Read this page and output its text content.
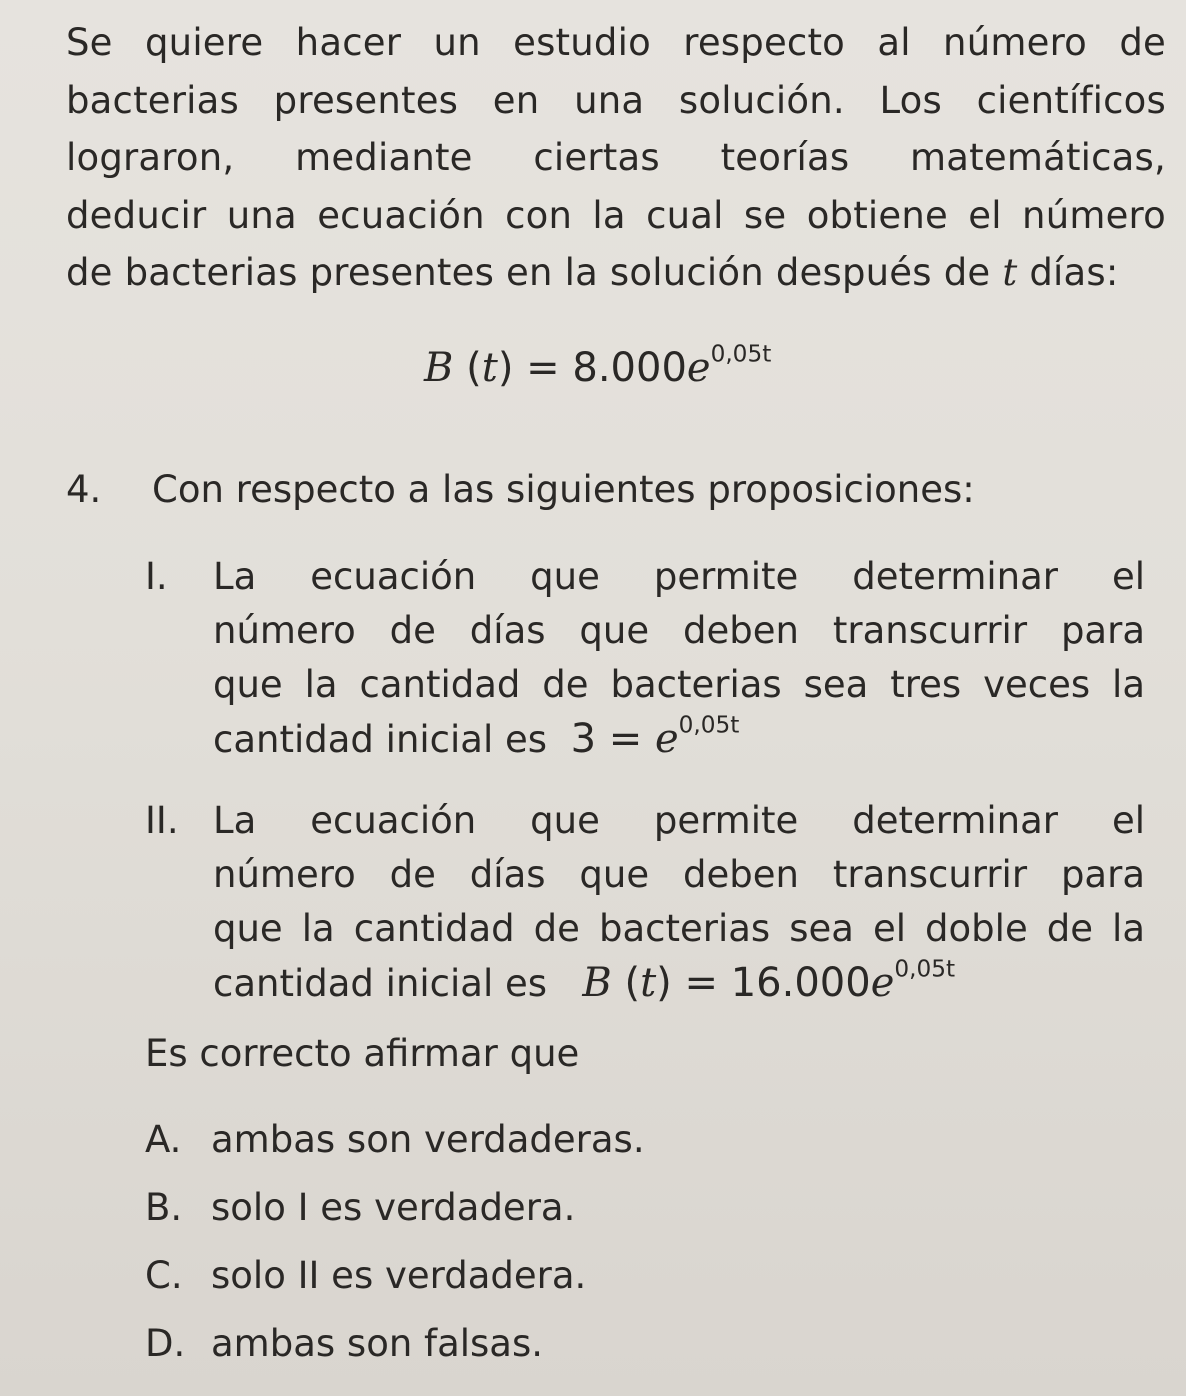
Se quiere hacer un estudio respecto al número de
bacterias presentes en una solución. Los científicos
lograron, mediante ciertas teorías matemáticas,
deducir una ecuación con la cual se obtiene el número
de bacterias presentes en la solución después de t días:
B $(t) = 8.000e^{0,05t}$
4. Con respecto a las siguientes proposiciones:
I.	La ecuación que permite determinar el
número de días que deben transcurrir para
que la cantidad de bacterias sea tres veces la
cantidad inicial es $3 = e^{0,05t}$
II. La ecuación que permite determinar el
número de días que deben transcurrir para
que la cantidad de bacterias sea el doble de la
cantidad inicial es B $(t) = 16.000e^{0,05t}$
Es correcto afirmar que
A. ambas son verdaderas.
B. solo I es verdadera.
C. solo II es verdadera.
D. ambas son falsas.
